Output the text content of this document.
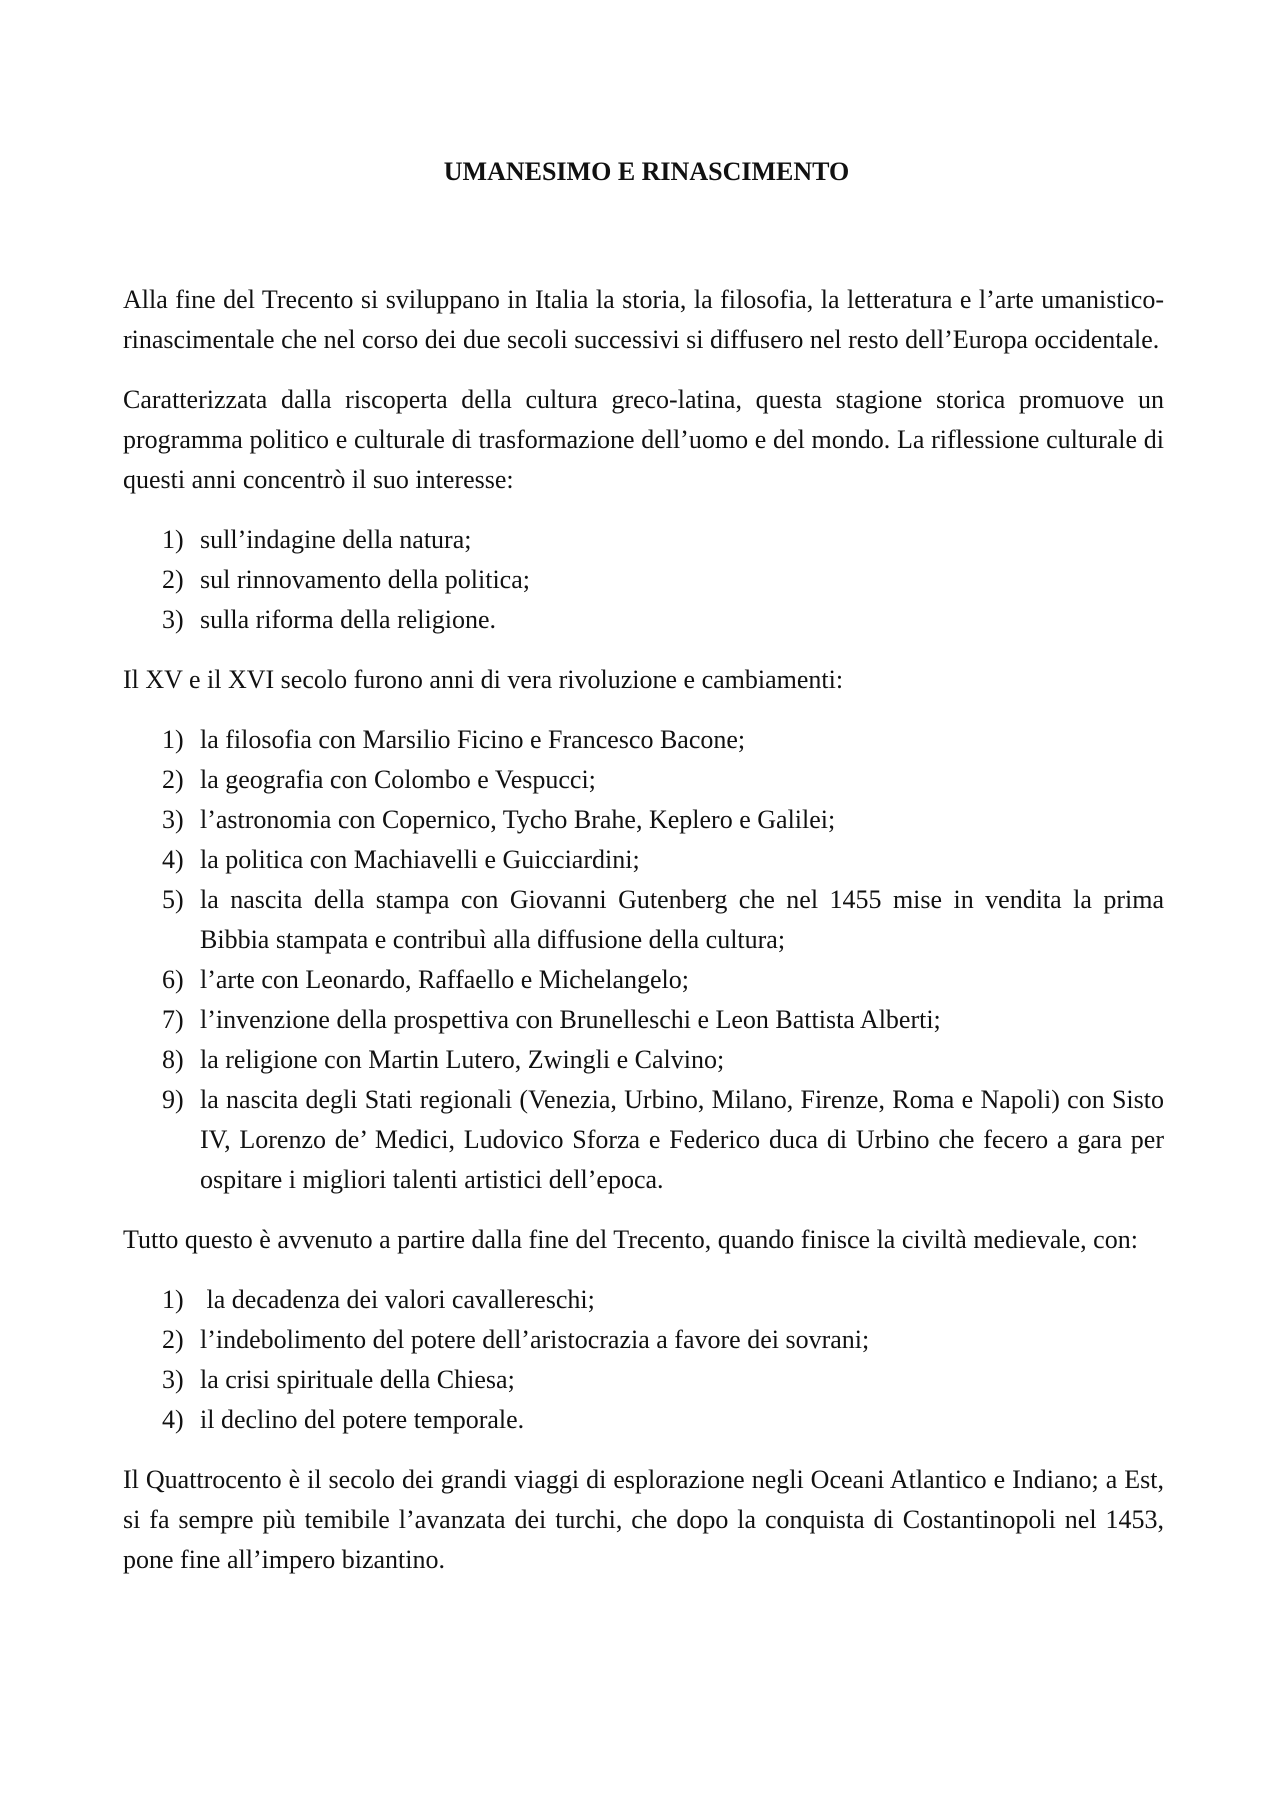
UMANESIMO E RINASCIMENTO

Alla fine del Trecento si sviluppano in Italia la storia, la filosofia, la letteratura e l’arte umanistico-rinascimentale che nel corso dei due secoli successivi si diffusero nel resto dell’Europa occidentale.

Caratterizzata dalla riscoperta della cultura greco-latina, questa stagione storica promuove un programma politico e culturale di trasformazione dell’uomo e del mondo. La riflessione culturale di questi anni concentrò il suo interesse:

1) sull’indagine della natura;
2) sul rinnovamento della politica;
3) sulla riforma della religione.

Il XV e il XVI secolo furono anni di vera rivoluzione e cambiamenti:

1) la filosofia con Marsilio Ficino e Francesco Bacone;
2) la geografia con Colombo e Vespucci;
3) l’astronomia con Copernico, Tycho Brahe, Keplero e Galilei;
4) la politica con Machiavelli e Guicciardini;
5) la nascita della stampa con Giovanni Gutenberg che nel 1455 mise in vendita la prima Bibbia stampata e contribuì alla diffusione della cultura;
6) l’arte con Leonardo, Raffaello e Michelangelo;
7) l’invenzione della prospettiva con Brunelleschi e Leon Battista Alberti;
8) la religione con Martin Lutero, Zwingli e Calvino;
9) la nascita degli Stati regionali (Venezia, Urbino, Milano, Firenze, Roma e Napoli) con Sisto IV, Lorenzo de’ Medici, Ludovico Sforza e Federico duca di Urbino che fecero a gara per ospitare i migliori talenti artistici dell’epoca.

Tutto questo è avvenuto a partire dalla fine del Trecento, quando finisce la civiltà medievale, con:

1) la decadenza dei valori cavallereschi;
2) l’indebolimento del potere dell’aristocrazia a favore dei sovrani;
3) la crisi spirituale della Chiesa;
4) il declino del potere temporale.

Il Quattrocento è il secolo dei grandi viaggi di esplorazione negli Oceani Atlantico e Indiano; a Est, si fa sempre più temibile l’avanzata dei turchi, che dopo la conquista di Costantinopoli nel 1453, pone fine all’impero bizantino.
